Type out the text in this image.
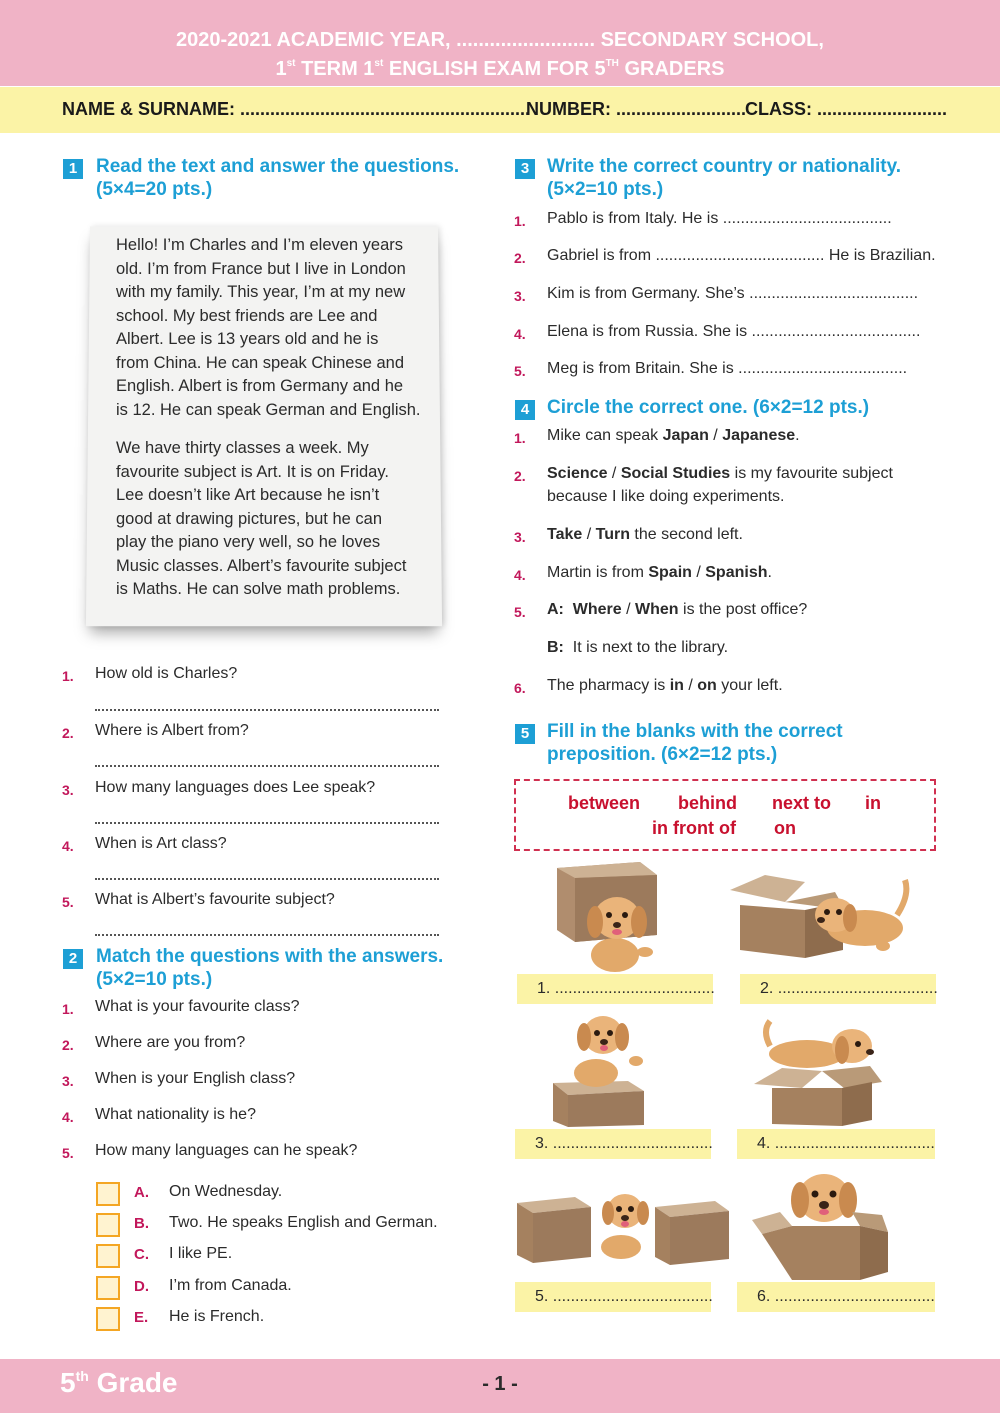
2020-2021 ACADEMIC YEAR, ......................... SECONDARY SCHOOL,
1st TERM 1st ENGLISH EXAM FOR 5TH GRADERS
NAME & SURNAME: ..........................................................
NUMBER: ..........................
CLASS: ..........................
1 Read the text and answer the questions.
(5×4=20 pts.)
Hello! I’m Charles and I’m eleven years
old. I’m from France but I live in London
with my family. This year, I’m at my new
school. My best friends are Lee and
Albert. Lee is 13 years old and he is
from China. He can speak Chinese and
English. Albert is from Germany and he
is 12. He can speak German and English.
We have thirty classes a week. My
favourite subject is Art. It is on Friday.
Lee doesn’t like Art because he isn’t
good at drawing pictures, but he can
play the piano very well, so he loves
Music classes. Albert’s favourite subject
is Maths. He can solve math problems.
1. How old is Charles?
2. Where is Albert from?
3. How many languages does Lee speak?
4. When is Art class?
5. What is Albert’s favourite subject?
2 Match the questions with the answers.
(5×2=10 pts.)
1. What is your favourite class?
2. Where are you from?
3. When is your English class?
4. What nationality is he?
5. How many languages can he speak?
A. On Wednesday.
B. Two. He speaks English and German.
C. I like PE.
D. I’m from Canada.
E. He is French.
3 Write the correct country or nationality.
(5×2=10 pts.)
1. Pablo is from Italy. He is ......................................
2. Gabriel is from ...................................... He is Brazilian.
3. Kim is from Germany. She’s ......................................
4. Elena is from Russia. She is ......................................
5. Meg is from Britain. She is ......................................
4 Circle the correct one. (6×2=12 pts.)
1. Mike can speak Japan / Japanese.
2. Science / Social Studies is my favourite subject
because I like doing experiments.
3. Take / Turn the second left.
4. Martin is from Spain / Spanish.
5. A: Where / When is the post office?
B: It is next to the library.
6. The pharmacy is in / on your left.
5 Fill in the blanks with the correct
preposition. (6×2=12 pts.)
between behind next to in
in front of on
1. ....................................	2. ....................................
3. ....................................	4. ....................................
5. ....................................	6. ....................................
5th Grade	- 1 -
